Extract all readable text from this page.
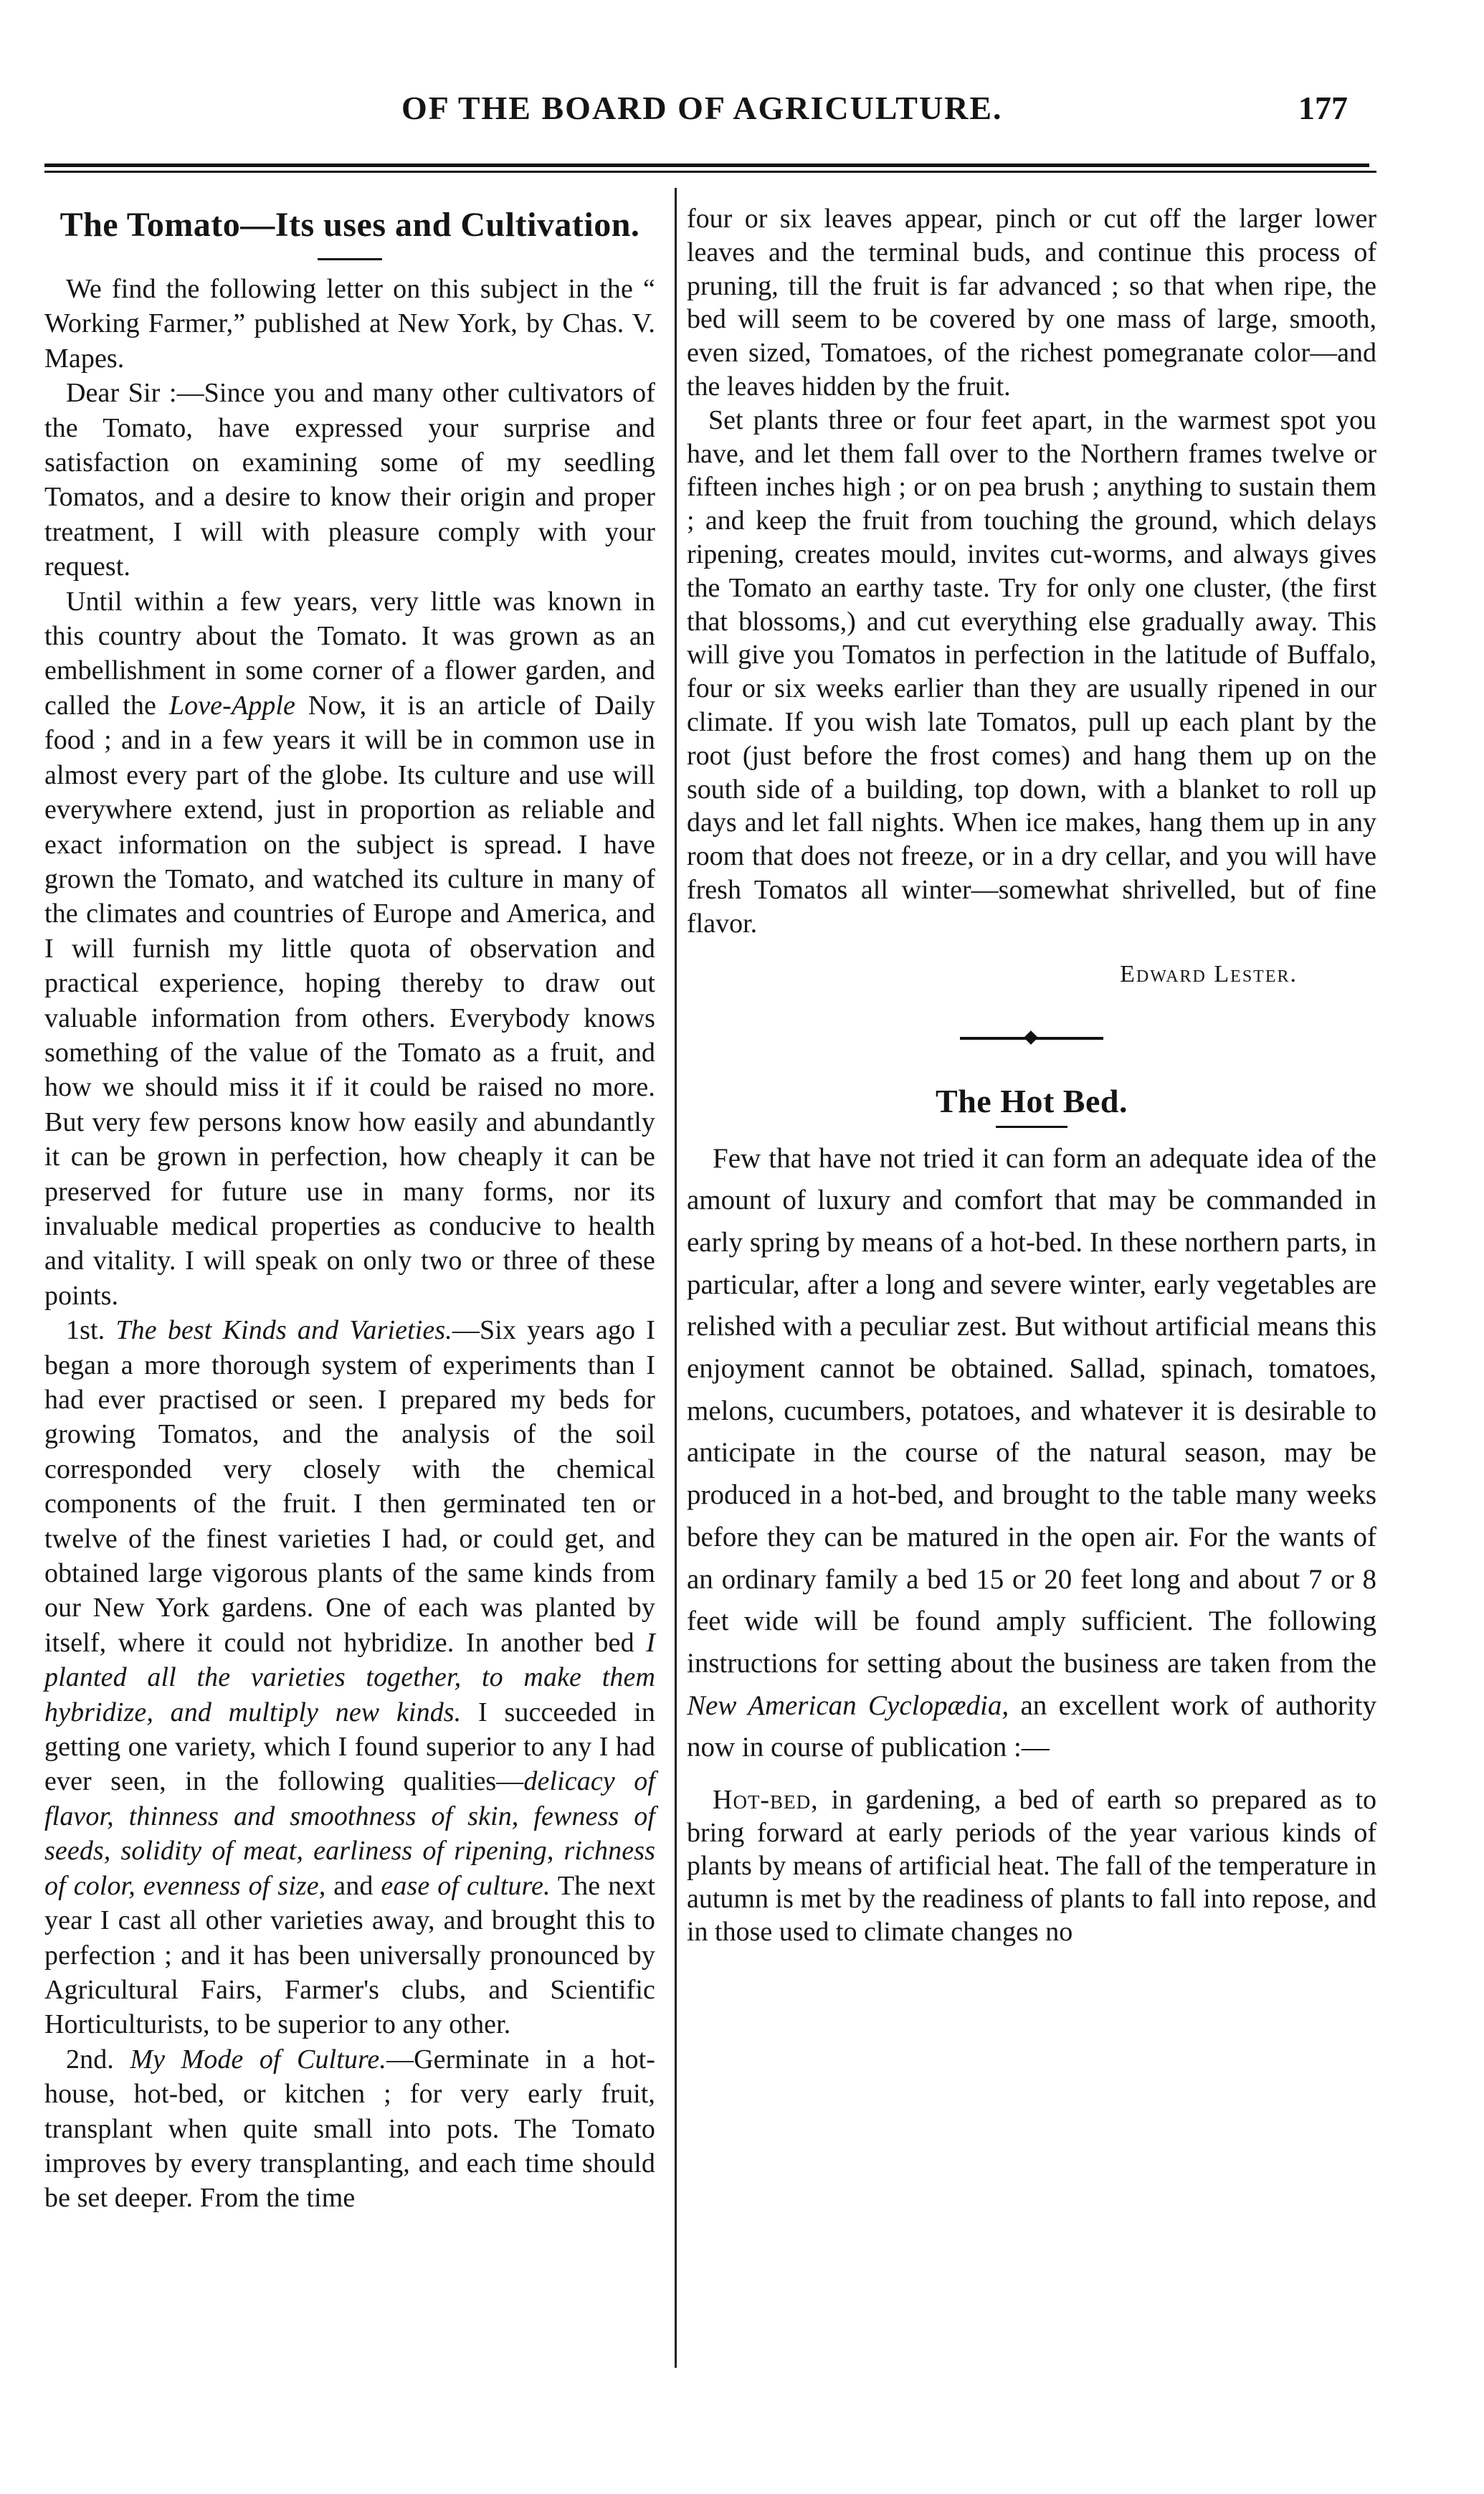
OF THE BOARD OF AGRICULTURE.	177
The Tomato—Its uses and Cultivation.

We find the following letter on this subject in the “ Working Farmer,” published at New York, by Chas. V. Mapes.

Dear Sir :—Since you and many other cultivators of the Tomato, have expressed your surprise and satisfaction on examining some of my seedling Tomatos, and a desire to know their origin and proper treatment, I will with pleasure comply with your request.

Until within a few years, very little was known in this country about the Tomato. It was grown as an embellishment in some corner of a flower garden, and called the Love-Apple Now, it is an article of Daily food ; and in a few years it will be in common use in almost every part of the globe. Its culture and use will everywhere extend, just in proportion as reliable and exact information on the subject is spread. I have grown the Tomato, and watched its culture in many of the climates and countries of Europe and America, and I will furnish my little quota of observation and practical experience, hoping thereby to draw out valuable information from others. Everybody knows something of the value of the Tomato as a fruit, and how we should miss it if it could be raised no more. But very few persons know how easily and abundantly it can be grown in perfection, how cheaply it can be preserved for future use in many forms, nor its invaluable medical properties as conducive to health and vitality. I will speak on only two or three of these points.

1st. The best Kinds and Varieties.—Six years ago I began a more thorough system of experiments than I had ever practised or seen. I prepared my beds for growing Tomatos, and the analysis of the soil corresponded very closely with the chemical components of the fruit. I then germinated ten or twelve of the finest varieties I had, or could get, and obtained large vigorous plants of the same kinds from our New York gardens. One of each was planted by itself, where it could not hybridize. In another bed I planted all the varieties together, to make them hybridize, and multiply new kinds. I succeeded in getting one variety, which I found superior to any I had ever seen, in the following qualities—delicacy of flavor, thinness and smoothness of skin, fewness of seeds, solidity of meat, earliness of ripening, richness of color, evenness of size, and ease of culture. The next year I cast all other varieties away, and brought this to perfection ; and it has been universally pronounced by Agricultural Fairs, Farmer's clubs, and Scientific Horticulturists, to be superior to any other.

2nd. My Mode of Culture.—Germinate in a hot-house, hot-bed, or kitchen ; for very early fruit, transplant when quite small into pots. The Tomato improves by every transplanting, and each time should be set deeper. From the time

four or six leaves appear, pinch or cut off the larger lower leaves and the terminal buds, and continue this process of pruning, till the fruit is far advanced ; so that when ripe, the bed will seem to be covered by one mass of large, smooth, even sized, Tomatoes, of the richest pomegranate color—and the leaves hidden by the fruit.

Set plants three or four feet apart, in the warmest spot you have, and let them fall over to the Northern frames twelve or fifteen inches high ; or on pea brush ; anything to sustain them ; and keep the fruit from touching the ground, which delays ripening, creates mould, invites cut-worms, and always gives the Tomato an earthy taste. Try for only one cluster, (the first that blossoms,) and cut everything else gradually away. This will give you Tomatos in perfection in the latitude of Buffalo, four or six weeks earlier than they are usually ripened in our climate. If you wish late Tomatos, pull up each plant by the root (just before the frost comes) and hang them up on the south side of a building, top down, with a blanket to roll up days and let fall nights. When ice makes, hang them up in any room that does not freeze, or in a dry cellar, and you will have fresh Tomatos all winter—somewhat shrivelled, but of fine flavor.

Edward Lester.
The Hot Bed.

Few that have not tried it can form an adequate idea of the amount of luxury and comfort that may be commanded in early spring by means of a hot-bed. In these northern parts, in particular, after a long and severe winter, early vegetables are relished with a peculiar zest. But without artificial means this enjoyment cannot be obtained. Sallad, spinach, tomatoes, melons, cucumbers, potatoes, and whatever it is desirable to anticipate in the course of the natural season, may be produced in a hot-bed, and brought to the table many weeks before they can be matured in the open air. For the wants of an ordinary family a bed 15 or 20 feet long and about 7 or 8 feet wide will be found amply sufficient. The following instructions for setting about the business are taken from the New American Cyclopædia, an excellent work of authority now in course of publication :—

Hot-bed, in gardening, a bed of earth so prepared as to bring forward at early periods of the year various kinds of plants by means of artificial heat. The fall of the temperature in autumn is met by the readiness of plants to fall into repose, and in those used to climate changes no
